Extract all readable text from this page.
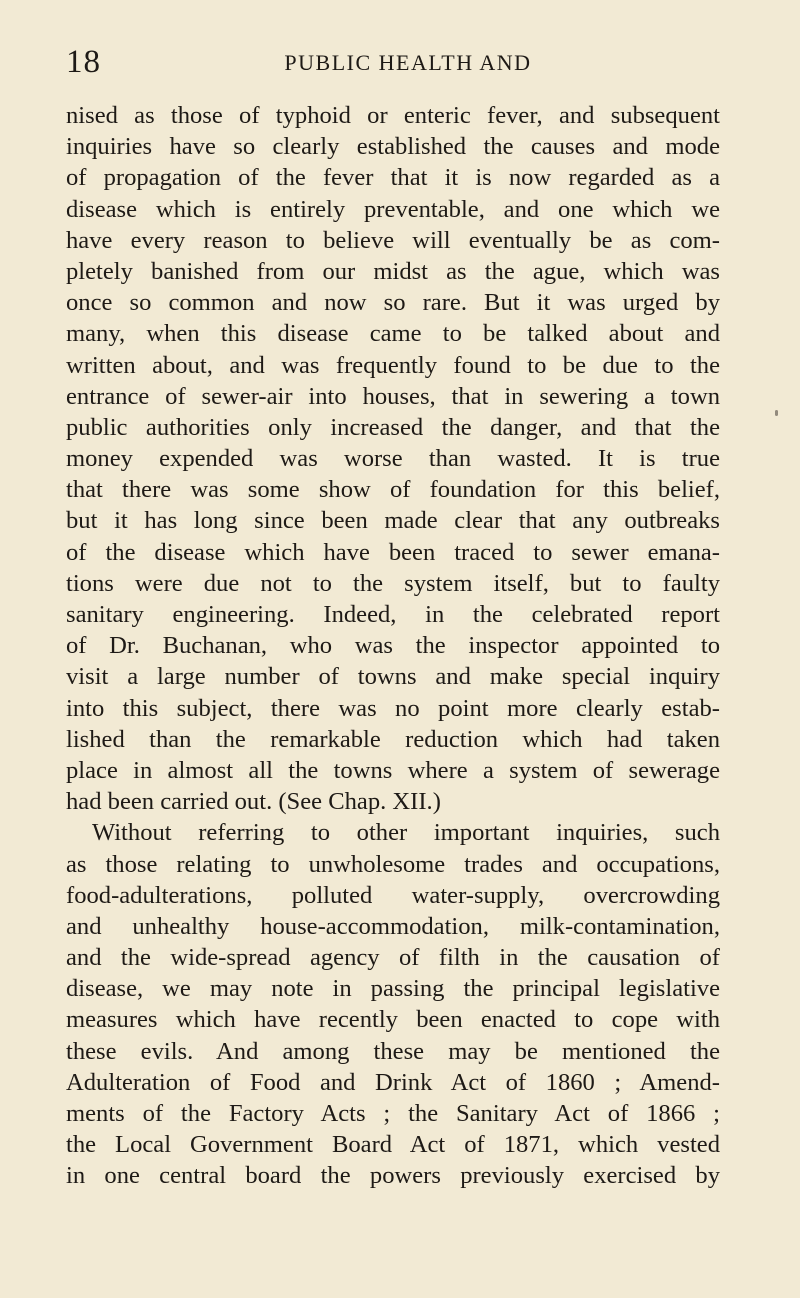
18	PUBLIC HEALTH AND
nised as those of typhoid or enteric fever, and subsequent
inquiries have so clearly established the causes and mode
of propagation of the fever that it is now regarded as a
disease which is entirely preventable, and one which we
have every reason to believe will eventually be as com-
pletely banished from our midst as the ague, which was
once so common and now so rare. But it was urged by
many, when this disease came to be talked about and
written about, and was frequently found to be due to the
entrance of sewer-air into houses, that in sewering a town
public authorities only increased the danger, and that the
money expended was worse than wasted. It is true
that there was some show of foundation for this belief,
but it has long since been made clear that any outbreaks
of the disease which have been traced to sewer emana-
tions were due not to the system itself, but to faulty
sanitary engineering. Indeed, in the celebrated report
of Dr. Buchanan, who was the inspector appointed to
visit a large number of towns and make special inquiry
into this subject, there was no point more clearly estab-
lished than the remarkable reduction which had taken
place in almost all the towns where a system of sewerage
had been carried out. (See Chap. XII.)
Without referring to other important inquiries, such
as those relating to unwholesome trades and occupations,
food-adulterations, polluted water-supply, overcrowding
and unhealthy house-accommodation, milk-contamination,
and the wide-spread agency of filth in the causation of
disease, we may note in passing the principal legislative
measures which have recently been enacted to cope with
these evils. And among these may be mentioned the
Adulteration of Food and Drink Act of 1860 ; Amend-
ments of the Factory Acts ; the Sanitary Act of 1866 ;
the Local Government Board Act of 1871, which vested
in one central board the powers previously exercised by
